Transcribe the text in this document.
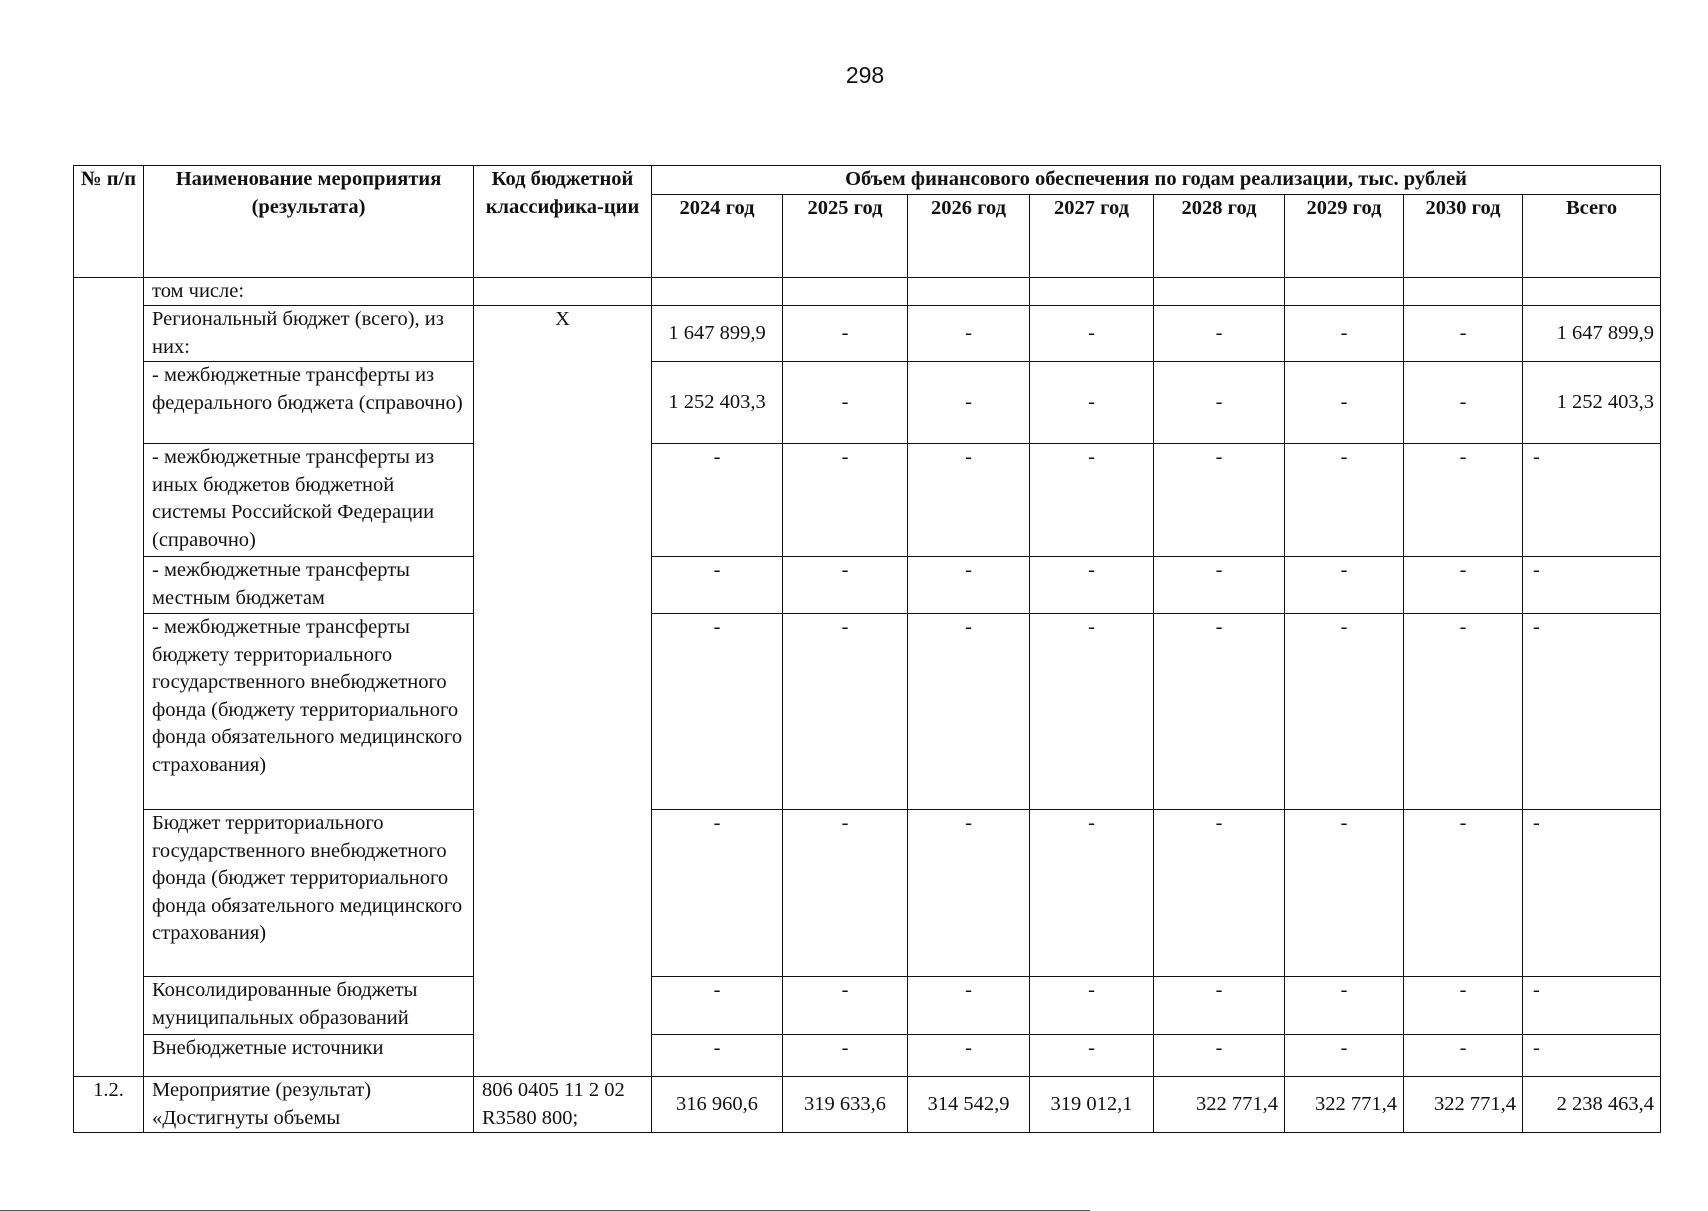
298
№ п/п	Наименование мероприятия (результата)	Код бюджетной классифика-ции	Объем финансового обеспечения по годам реализации, тыс. рублей							
			2024 год	2025 год	2026 год	2027 год	2028 год	2029 год	2030 год	Всего
	том числе:									
	Региональный бюджет (всего), из них:	X	1 647 899,9	-	-	-	-	-	-	1 647 899,9
	- межбюджетные трансферты из федерального бюджета (справочно)		1 252 403,3	-	-	-	-	-	-	1 252 403,3
	- межбюджетные трансферты из иных бюджетов бюджетной системы Российской Федерации (справочно)		-	-	-	-	-	-	-	-
	- межбюджетные трансферты местным бюджетам		-	-	-	-	-	-	-	-
	- межбюджетные трансферты бюджету территориального государственного внебюджетного фонда (бюджету территориального фонда обязательного медицинского страхования)		-	-	-	-	-	-	-	-
	Бюджет территориального государственного внебюджетного фонда (бюджет территориального фонда обязательного медицинского страхования)		-	-	-	-	-	-	-	-
	Консолидированные бюджеты муниципальных образований		-	-	-	-	-	-	-	-
	Внебюджетные источники		-	-	-	-	-	-	-	-
1.2.	Мероприятие (результат) «Достигнуты объемы	806 0405 11 2 02 R3580 800;	316 960,6	319 633,6	314 542,9	319 012,1	322 771,4	322 771,4	322 771,4	2 238 463,4
